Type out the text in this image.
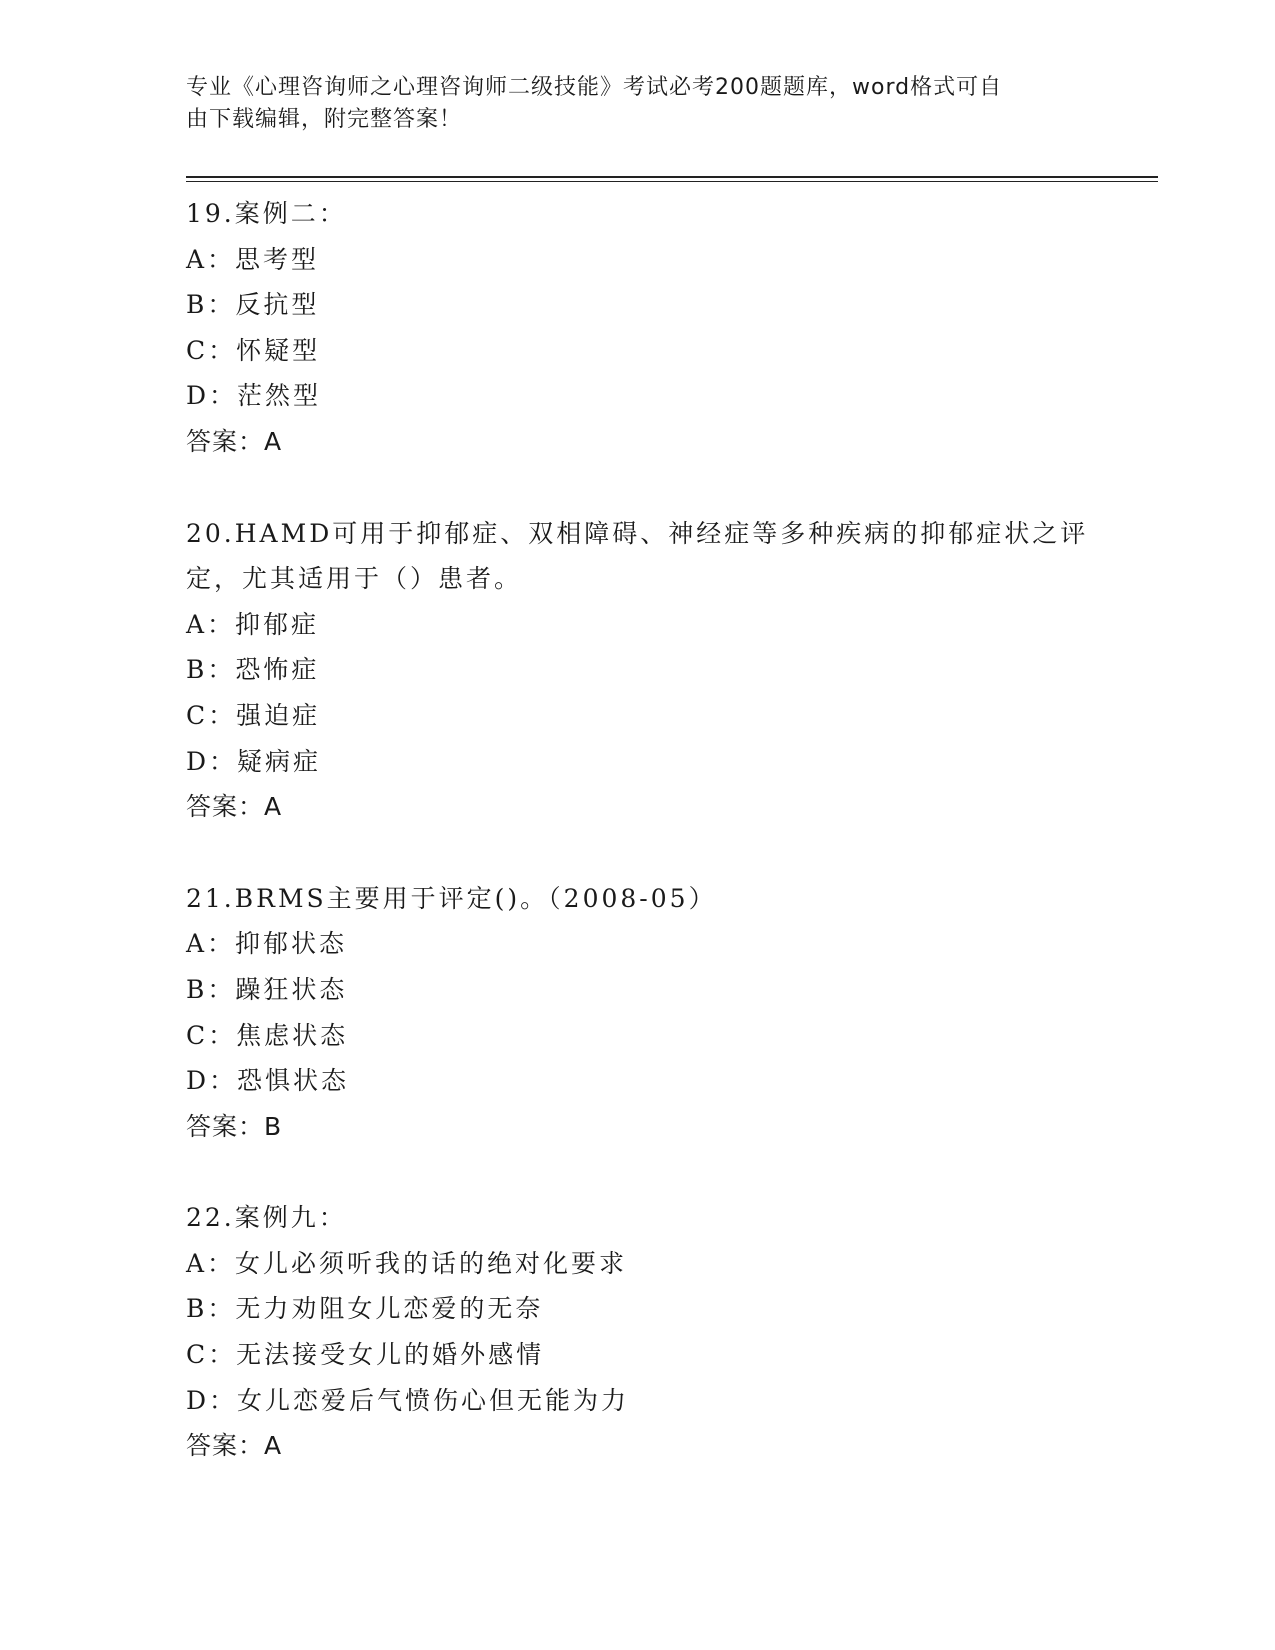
专业《心理咨询师之心理咨询师二级技能》考试必考200题题库，word格式可自
由下载编辑，附完整答案！
19.案例二：
A：思考型
B：反抗型
C：怀疑型
D：茫然型
答案：A
20.HAMD可用于抑郁症、双相障碍、神经症等多种疾病的抑郁症状之评
定，尤其适用于（）患者。
A：抑郁症
B：恐怖症
C：强迫症
D：疑病症
答案：A
21.BRMS主要用于评定()。（2008-05）
A：抑郁状态
B：躁狂状态
C：焦虑状态
D：恐惧状态
答案：B
22.案例九：
A：女儿必须听我的话的绝对化要求
B：无力劝阻女儿恋爱的无奈
C：无法接受女儿的婚外感情
D：女儿恋爱后气愤伤心但无能为力
答案：A
